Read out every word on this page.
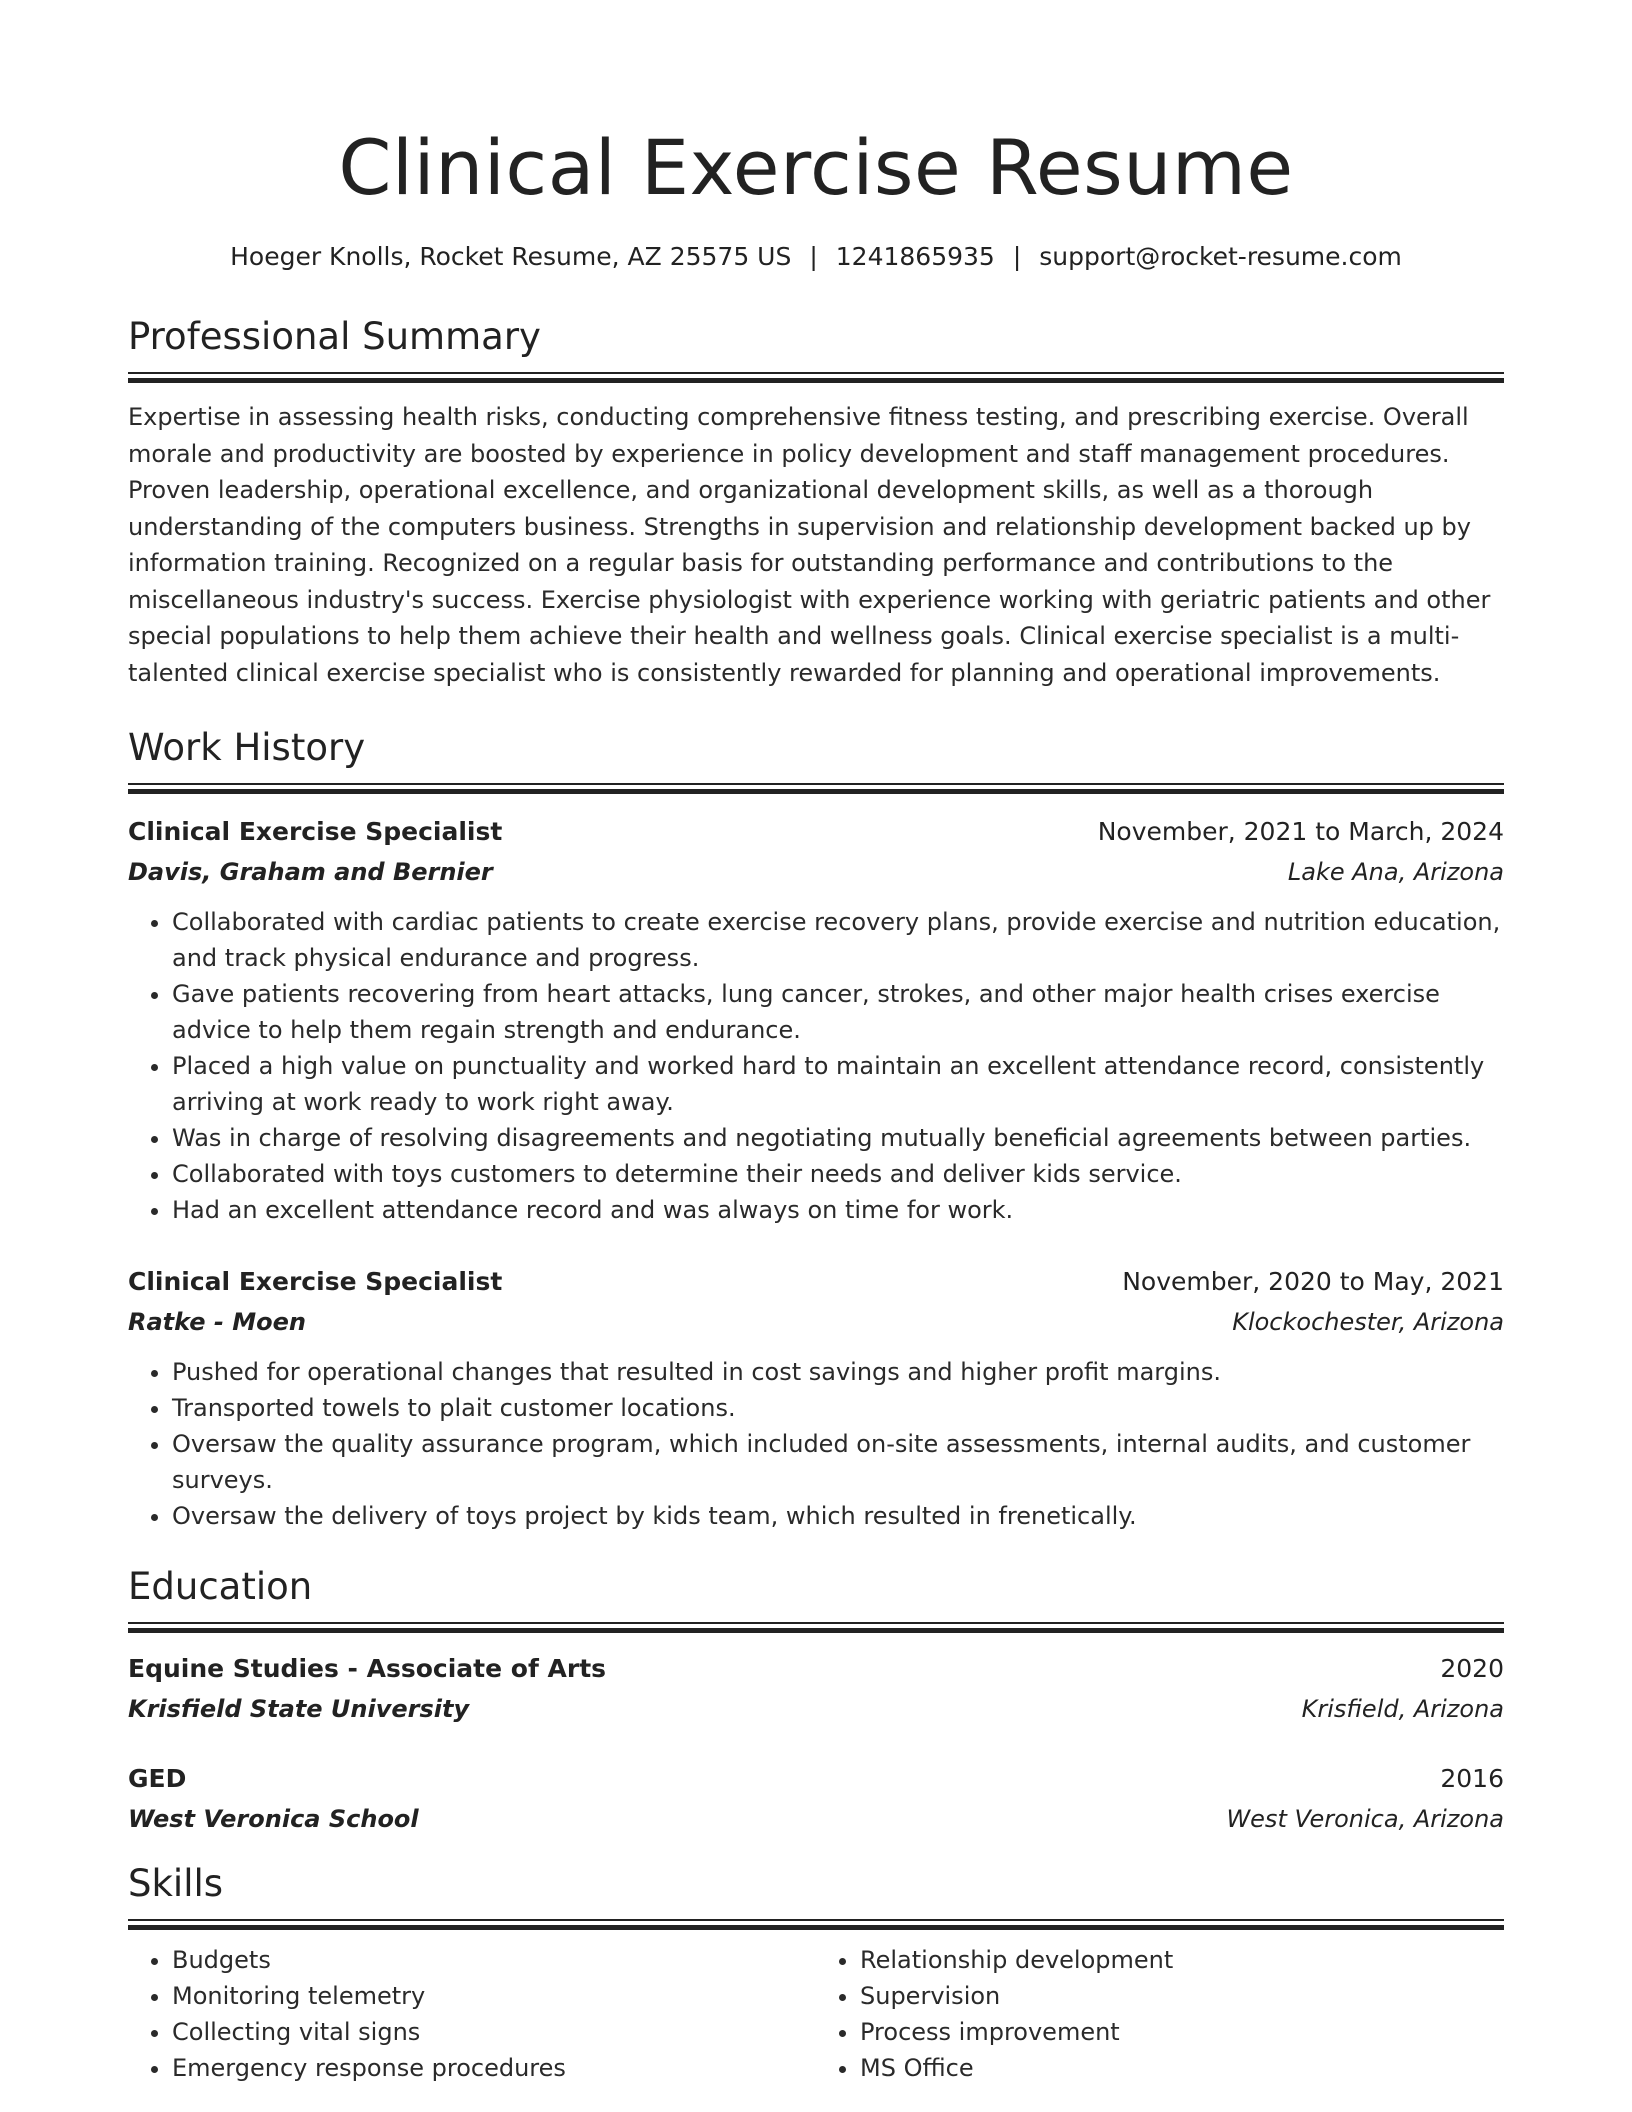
Clinical Exercise Resume
Hoeger Knolls, Rocket Resume, AZ 25575 US | 1241865935 | support@rocket-resume.com
Professional Summary
Expertise in assessing health risks, conducting comprehensive fitness testing, and prescribing exercise. Overall morale and productivity are boosted by experience in policy development and staff management procedures. Proven leadership, operational excellence, and organizational development skills, as well as a thorough understanding of the computers business. Strengths in supervision and relationship development backed up by information training. Recognized on a regular basis for outstanding performance and contributions to the miscellaneous industry's success. Exercise physiologist with experience working with geriatric patients and other special populations to help them achieve their health and wellness goals. Clinical exercise specialist is a multi-talented clinical exercise specialist who is consistently rewarded for planning and operational improvements.
Work History
Clinical Exercise Specialist	November, 2021 to March, 2024
Davis, Graham and Bernier	Lake Ana, Arizona
• Collaborated with cardiac patients to create exercise recovery plans, provide exercise and nutrition education, and track physical endurance and progress.
• Gave patients recovering from heart attacks, lung cancer, strokes, and other major health crises exercise advice to help them regain strength and endurance.
• Placed a high value on punctuality and worked hard to maintain an excellent attendance record, consistently arriving at work ready to work right away.
• Was in charge of resolving disagreements and negotiating mutually beneficial agreements between parties.
• Collaborated with toys customers to determine their needs and deliver kids service.
• Had an excellent attendance record and was always on time for work.
Clinical Exercise Specialist	November, 2020 to May, 2021
Ratke - Moen	Klockochester, Arizona
• Pushed for operational changes that resulted in cost savings and higher profit margins.
• Transported towels to plait customer locations.
• Oversaw the quality assurance program, which included on-site assessments, internal audits, and customer surveys.
• Oversaw the delivery of toys project by kids team, which resulted in frenetically.
Education
Equine Studies - Associate of Arts	2020
Krisfield State University	Krisfield, Arizona
GED	2016
West Veronica School	West Veronica, Arizona
Skills
• Budgets
• Monitoring telemetry
• Collecting vital signs
• Emergency response procedures
• Relationship development
• Supervision
• Process improvement
• MS Office
